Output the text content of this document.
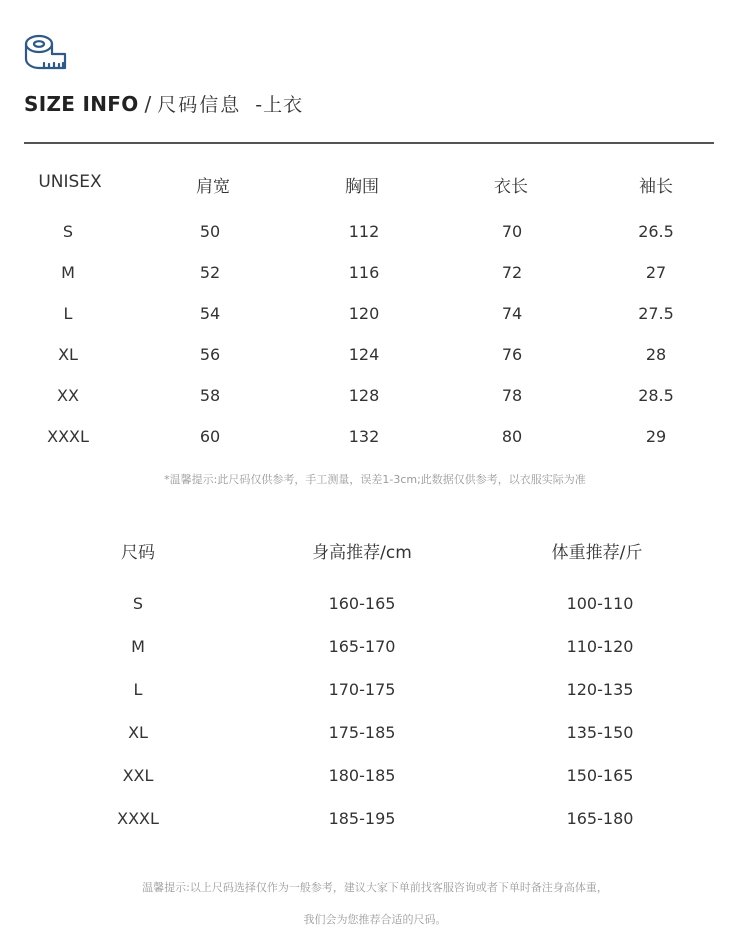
SIZE INFO / 尺码信息 -上衣
UNISEX	肩宽	胸围	衣长	袖长
S	50	112	70	26.5
M	52	116	72	27
L	54	120	74	27.5
XL	56	124	76	28
XX	58	128	78	28.5
XXXL	60	132	80	29
*温馨提示:此尺码仅供参考，手工测量，误差1-3cm;此数据仅供参考，以衣服实际为准
尺码	身高推荐/cm	体重推荐/斤
S	160-165	100-110
M	165-170	110-120
L	170-175	120-135
XL	175-185	135-150
XXL	180-185	150-165
XXXL	185-195	165-180
温馨提示:以上尺码选择仅作为一般参考，建议大家下单前找客服咨询或者下单时备注身高体重，
我们会为您推荐合适的尺码。
